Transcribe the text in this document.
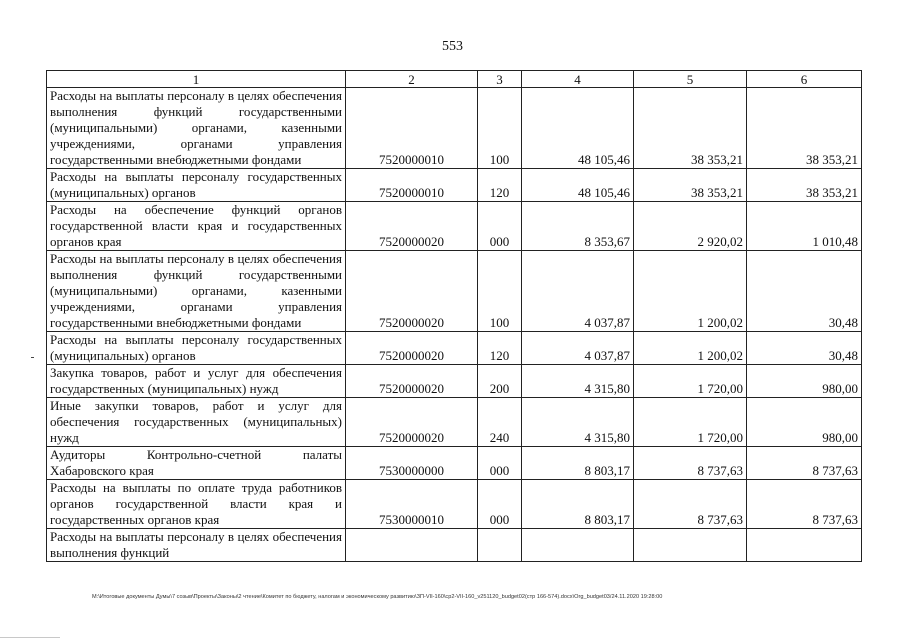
553
1	2	3	4	5	6
Расходы на выплаты персоналу в целях обеспечения выполнения функций государственными (муниципальными) органами, казенными учреждениями, органами управления государственными внебюджетными фондами	7520000010	100	48 105,46	38 353,21	38 353,21
Расходы на выплаты персоналу государственных (муниципальных) органов	7520000010	120	48 105,46	38 353,21	38 353,21
Расходы на обеспечение функций органов государственной власти края и государственных органов края	7520000020	000	8 353,67	2 920,02	1 010,48
Расходы на выплаты персоналу в целях обеспечения выполнения функций государственными (муниципальными) органами, казенными учреждениями, органами управления государственными внебюджетными фондами	7520000020	100	4 037,87	1 200,02	30,48
Расходы на выплаты персоналу государственных (муниципальных) органов	7520000020	120	4 037,87	1 200,02	30,48
Закупка товаров, работ и услуг для обеспечения государственных (муниципальных) нужд	7520000020	200	4 315,80	1 720,00	980,00
Иные закупки товаров, работ и услуг для обеспечения государственных (муниципальных) нужд	7520000020	240	4 315,80	1 720,00	980,00
Аудиторы Контрольно-счетной палаты Хабаровского края	7530000000	000	8 803,17	8 737,63	8 737,63
Расходы на выплаты по оплате труда работников органов государственной власти края и государственных органов края	7530000010	000	8 803,17	8 737,63	8 737,63
Расходы на выплаты персоналу в целях обеспечения выполнения функций					
M:\Итоговые документы Думы\7 созыв\Проекты\Законы\2 чтение\Комитет по бюджету, налогам и экономическому развитию\ЗП-VII-160\ср2-VII-160_v251120_budget02(стр 166-574).docx\Org_budget03/24.11.2020 19:28:00
